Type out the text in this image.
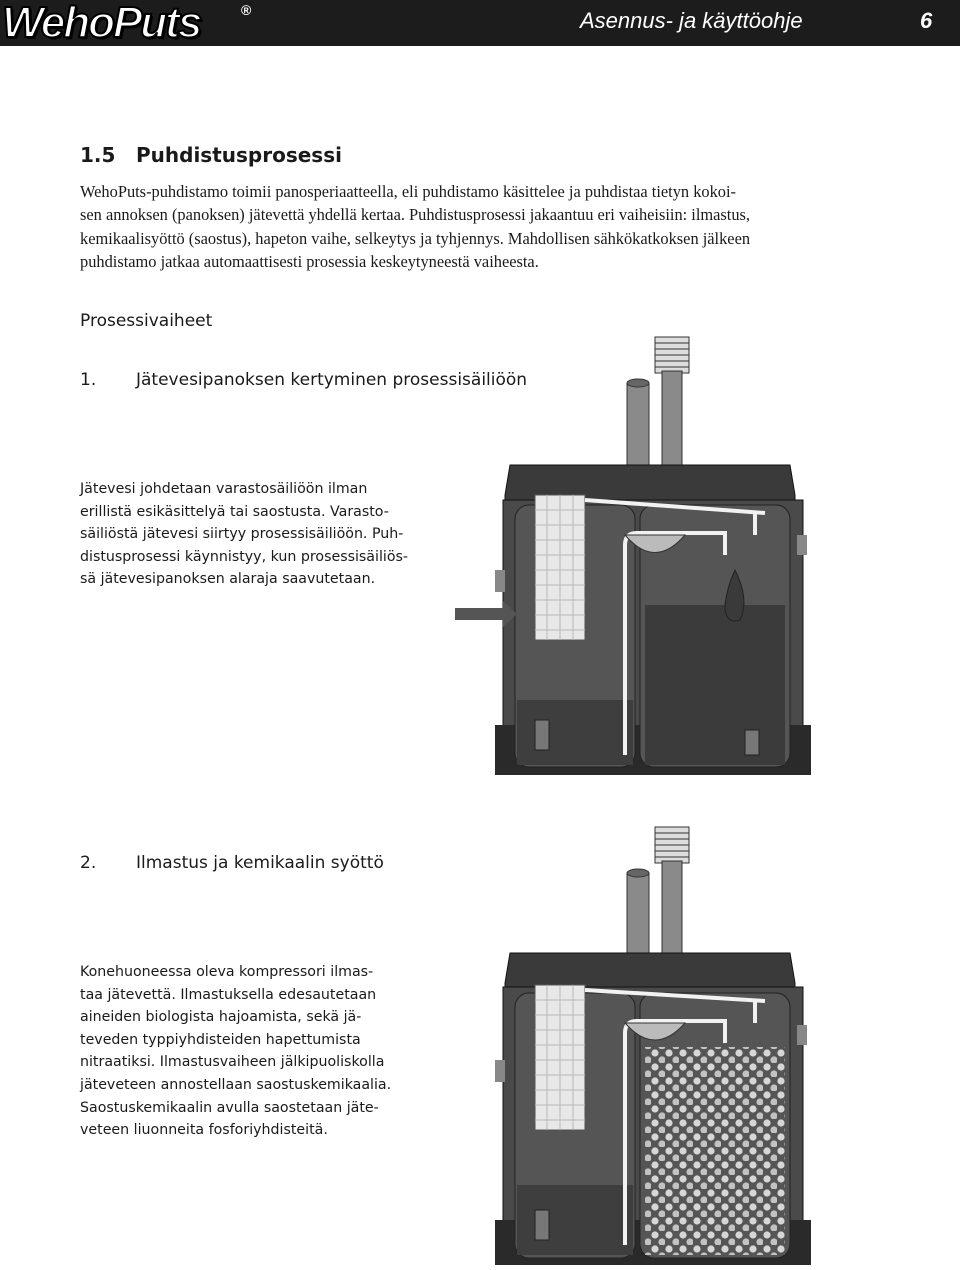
WehoPuts	®	Asennus- ja käyttöohje	6
1.5 Puhdistusprosessi
WehoPuts-puhdistamo toimii panosperiaatteella, eli puhdistamo käsittelee ja puhdistaa tietyn kokoi-
sen annoksen (panoksen) jätevettä yhdellä kertaa. Puhdistusprosessi jakaantuu eri vaiheisiin: ilmastus,
kemikaalisyöttö (saostus), hapeton vaihe, selkeytys ja tyhjennys. Mahdollisen sähkökatkoksen jälkeen
puhdistamo jatkaa automaattisesti prosessia keskeytyneestä vaiheesta.
Prosessivaiheet
1. Jätevesipanoksen kertyminen prosessisäiliöön
Jätevesi johdetaan varastosäiliöön ilman
erillistä esikäsittelyä tai saostusta. Varasto-
säiliöstä jätevesi siirtyy prosessisäiliöön. Puh-
distusprosessi käynnistyy, kun prosessisäiliös-
sä jätevesipanoksen alaraja saavutetaan.
2. Ilmastus ja kemikaalin syöttö
Konehuoneessa oleva kompressori ilmas-
taa jätevettä. Ilmastuksella edesautetaan
aineiden biologista hajoamista, sekä jä-
teveden typpiyhdisteiden hapettumista
nitraatiksi. Ilmastusvaiheen jälkipuoliskolla
jäteveteen annostellaan saostuskemikaalia.
Saostuskemikaalin avulla saostetaan jäte-
veteen liuonneita fosforiyhdisteitä.
